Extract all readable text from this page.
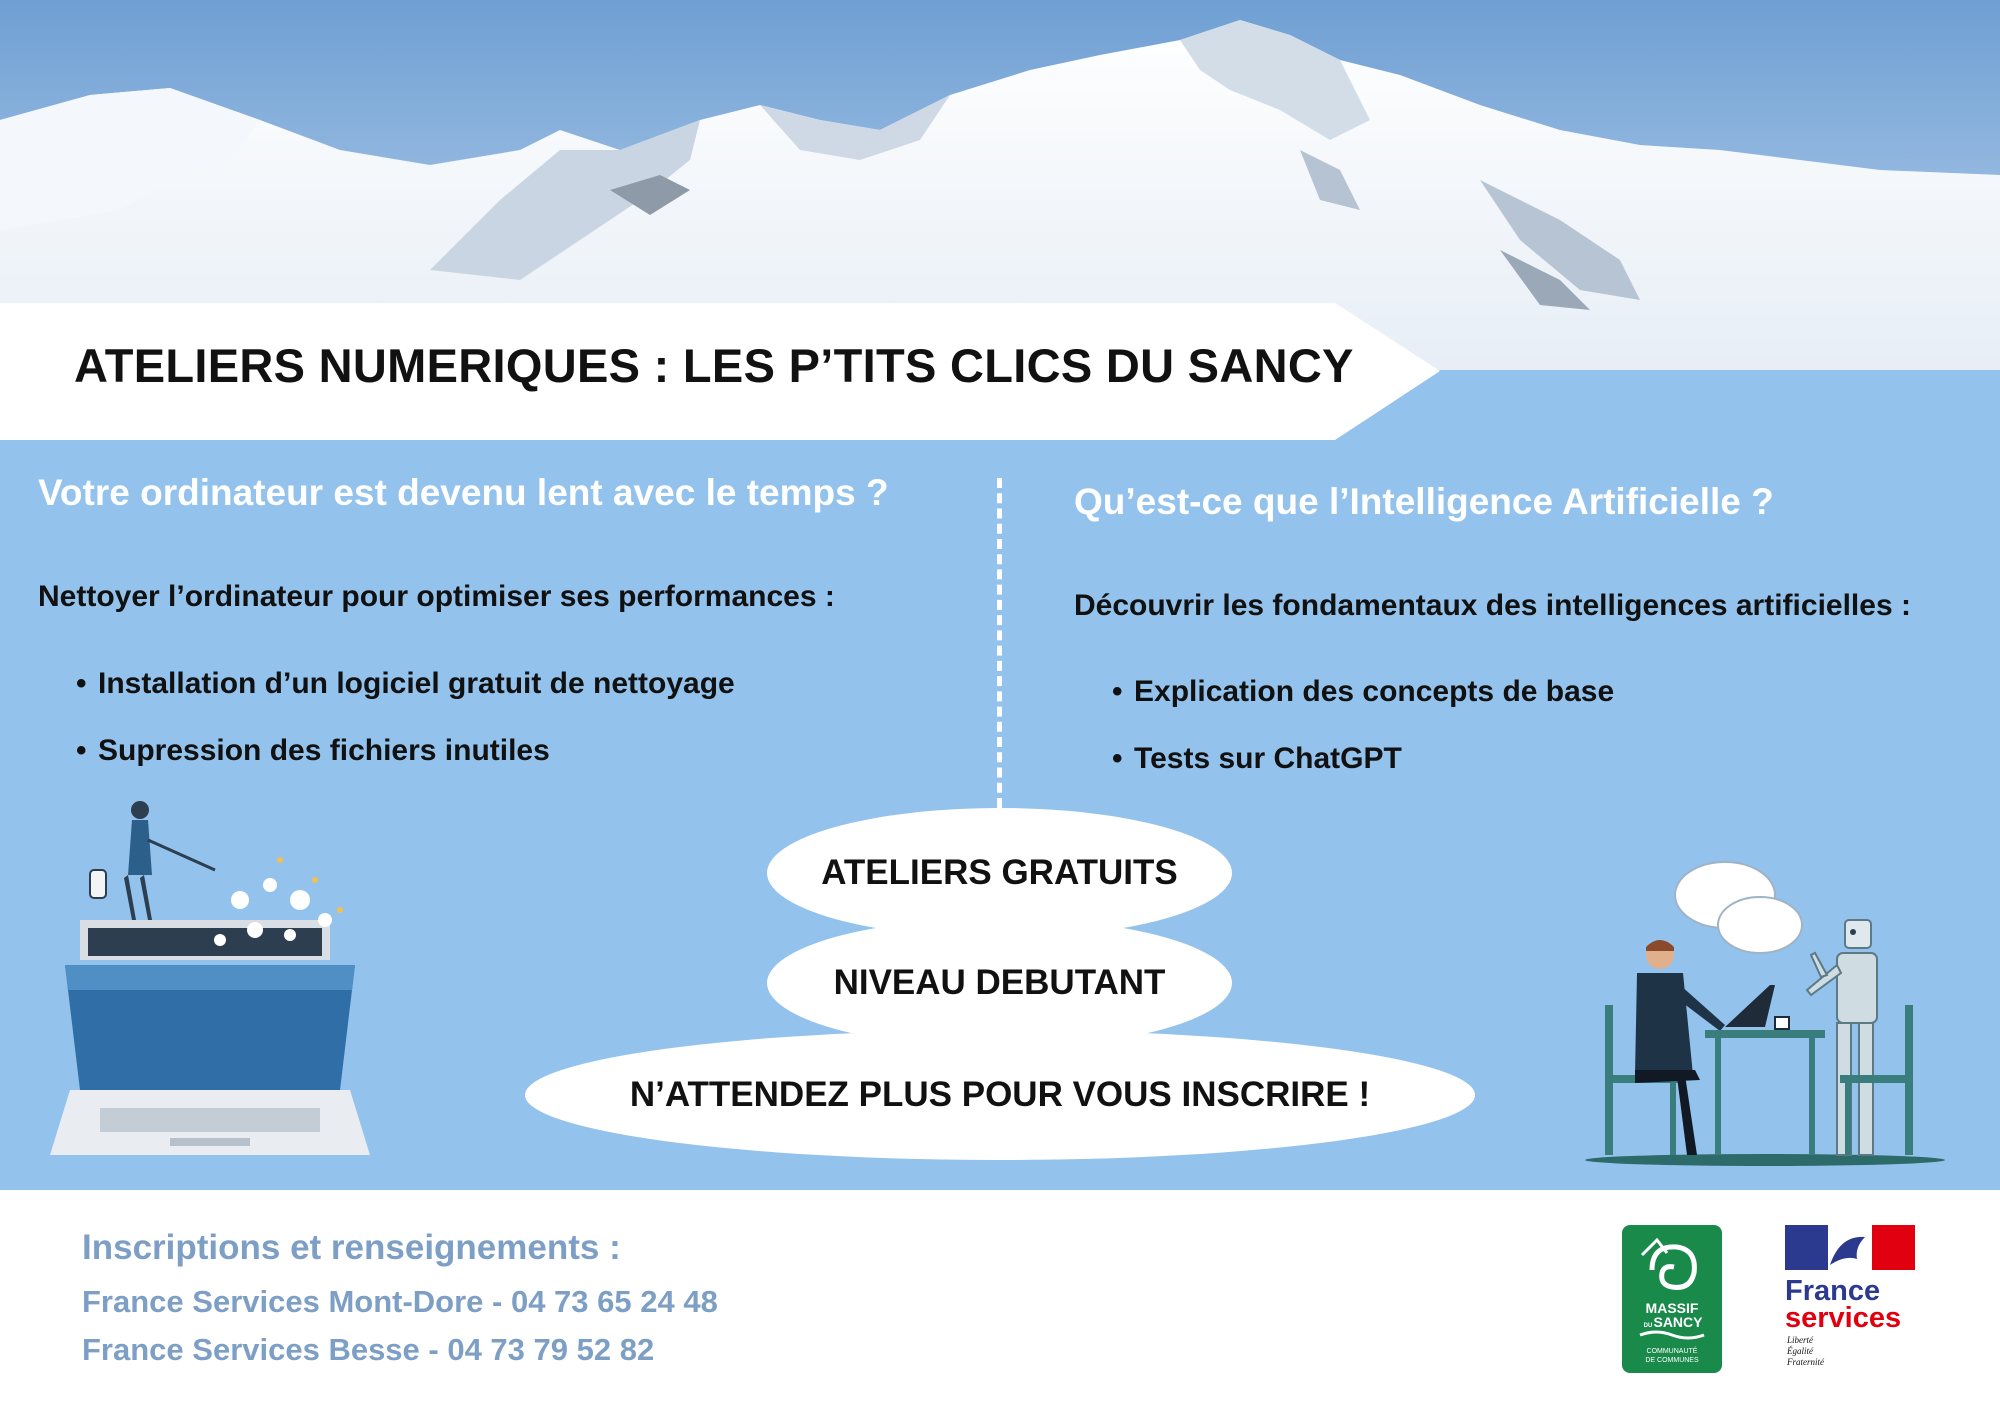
ATELIERS NUMERIQUES : LES P’TITS CLICS DU SANCY
Votre ordinateur est devenu lent avec le temps ?

Nettoyer l’ordinateur pour optimiser ses performances :

• Installation d’un logiciel gratuit de nettoyage
• Supression des fichiers inutiles
Qu’est-ce que l’Intelligence Artificielle ?

Découvrir les fondamentaux des intelligences artificielles :

• Explication des concepts de base
• Tests sur ChatGPT
ATELIERS GRATUITS
NIVEAU DEBUTANT
N’ATTENDEZ PLUS POUR VOUS INSCRIRE !
Inscriptions et renseignements :

France Services Mont-Dore - 04 73 65 24 48

France Services Besse - 04 73 79 52 82

MASSIF
DU SANCY
COMMUNAUTÉ
DE COMMUNES
France
services
Liberté
Égalité
Fraternité
